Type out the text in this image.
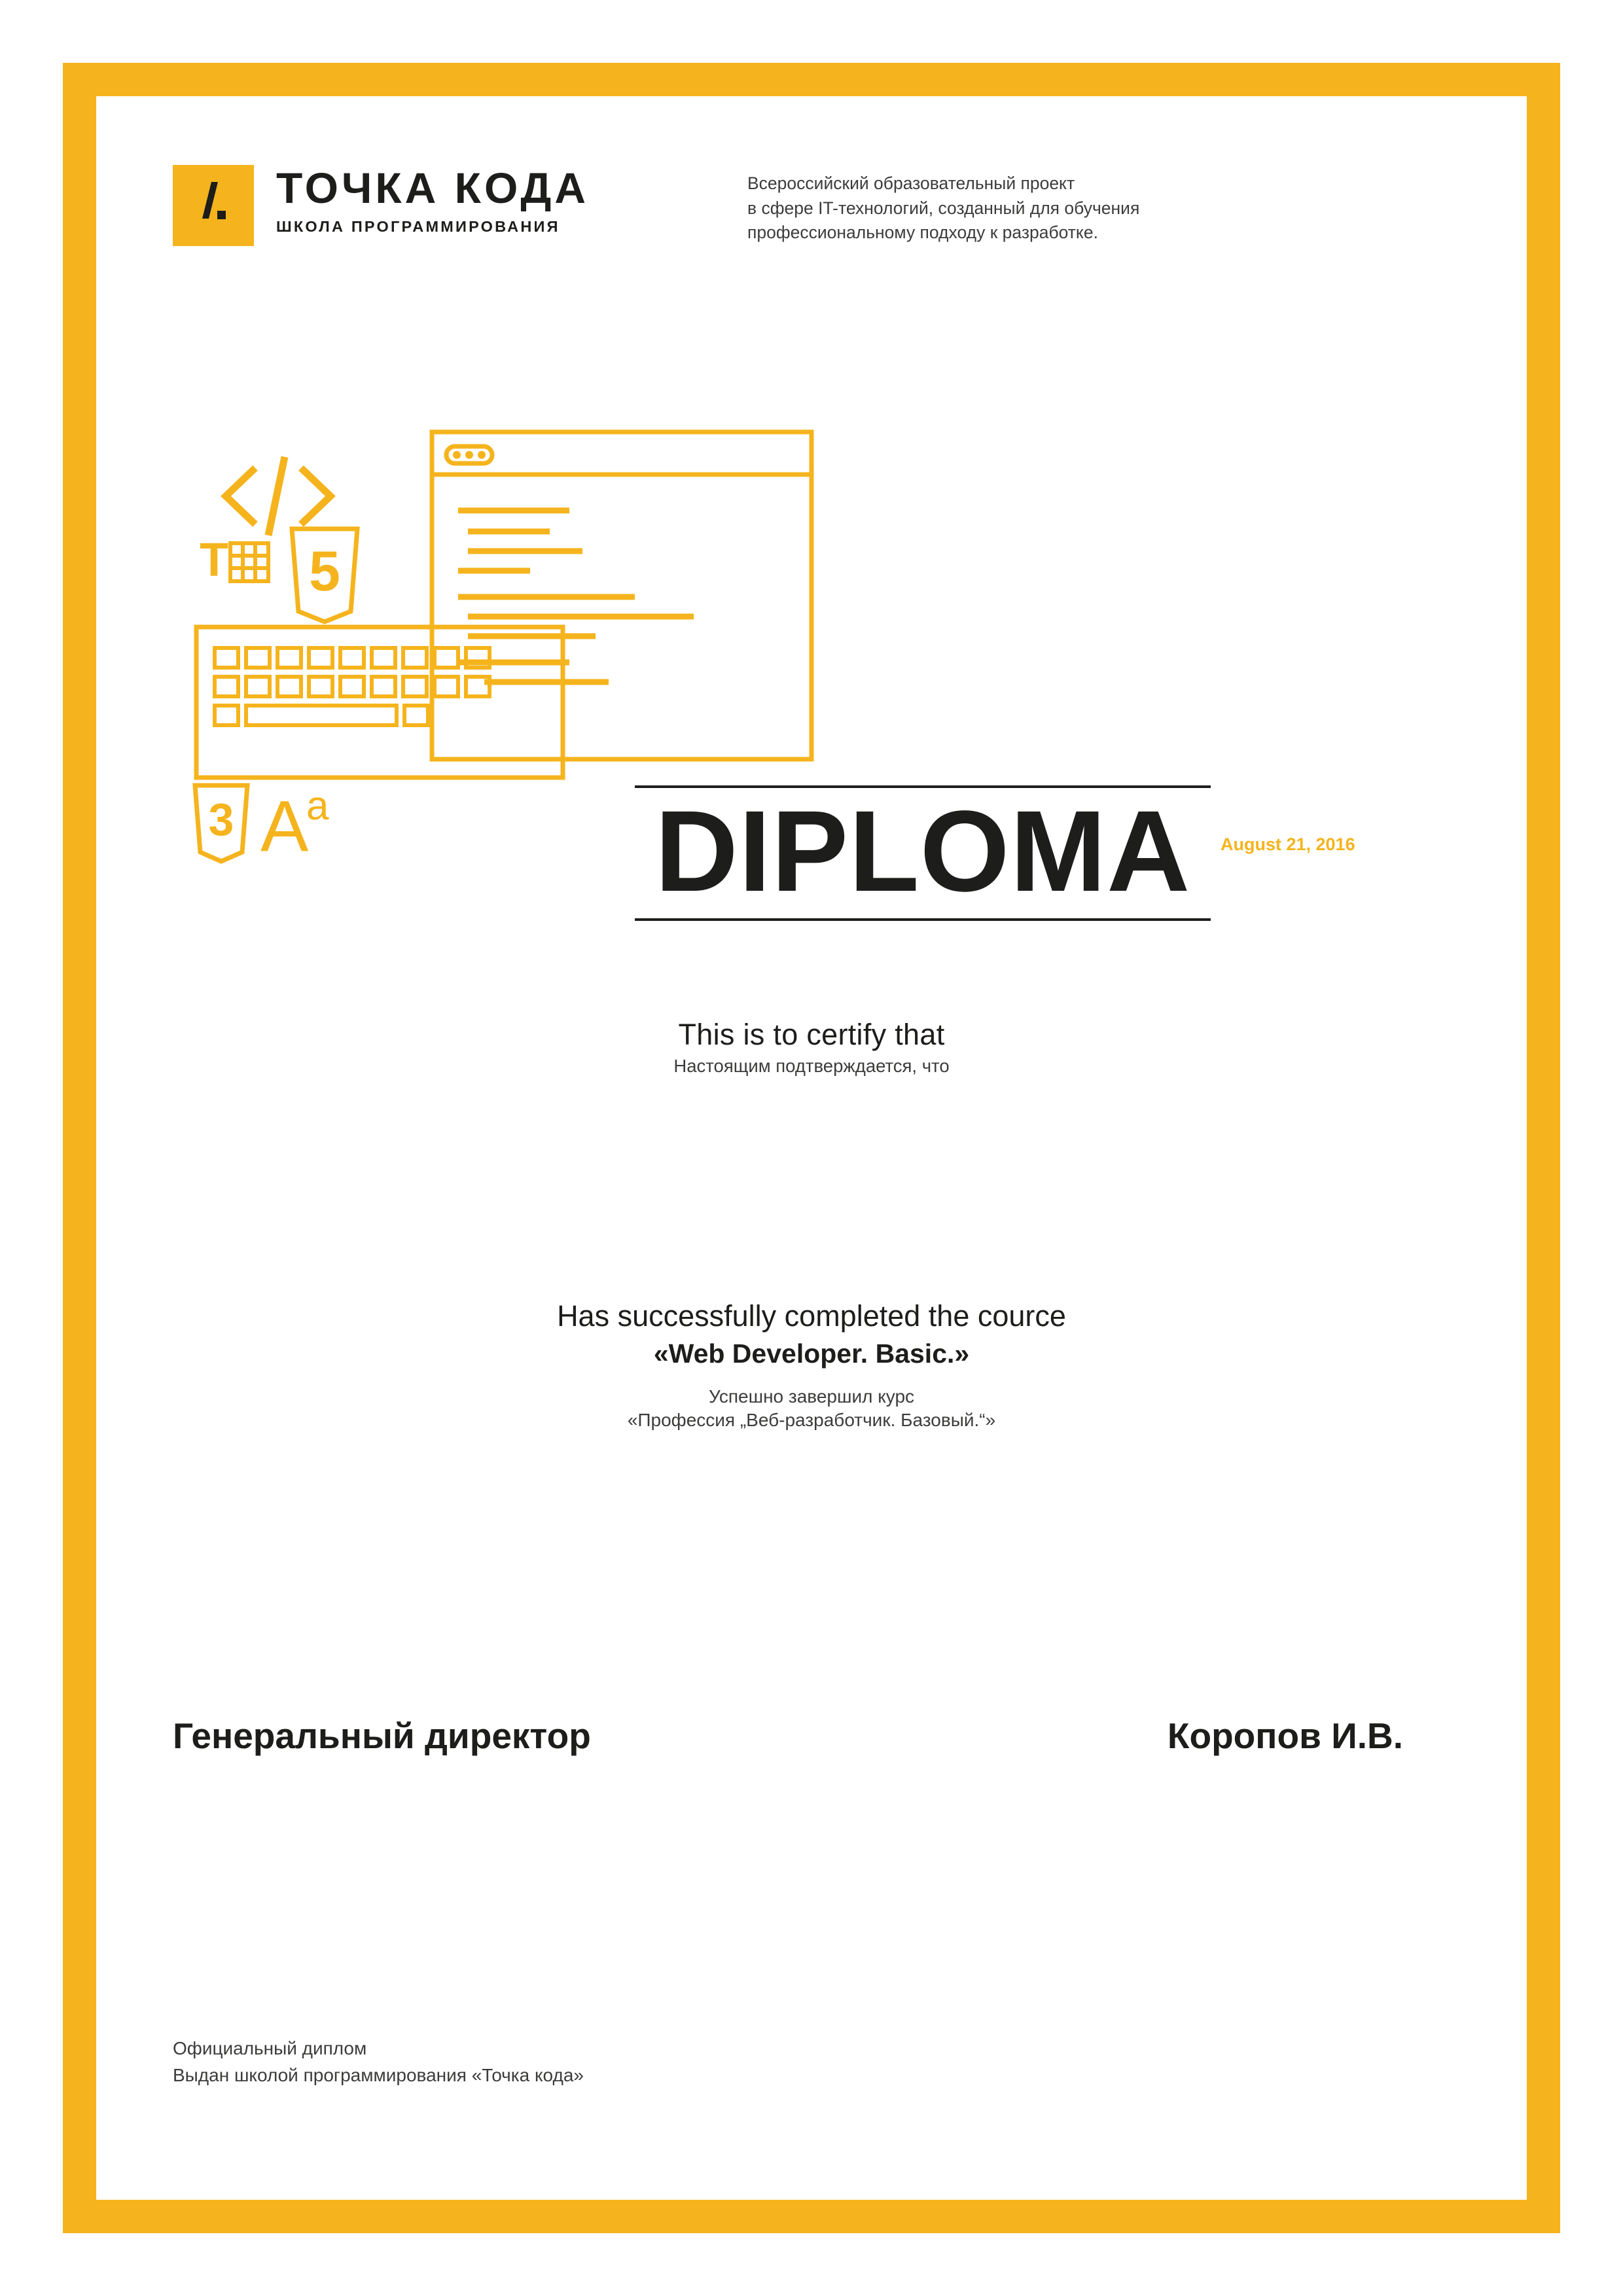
ТОЧКА КОДА
ШКОЛА ПРОГРАММИРОВАНИЯ
Всероссийский образовательный проект
в сфере IT-технологий, созданный для обучения
профессиональному подходу к разработке.
5
T
3 A
a	DIPLOMA	August 21, 2016
This is to certify that
Настоящим подтверждается, что
Has successfully completed the cource
«Web Developer. Basic.»
Успешно завершил курс
«Профессия „Веб-разработчик. Базовый.“»
Генеральный директор	Коропов И.В.
Официальный диплом
Выдан школой программирования «Точка кода»
